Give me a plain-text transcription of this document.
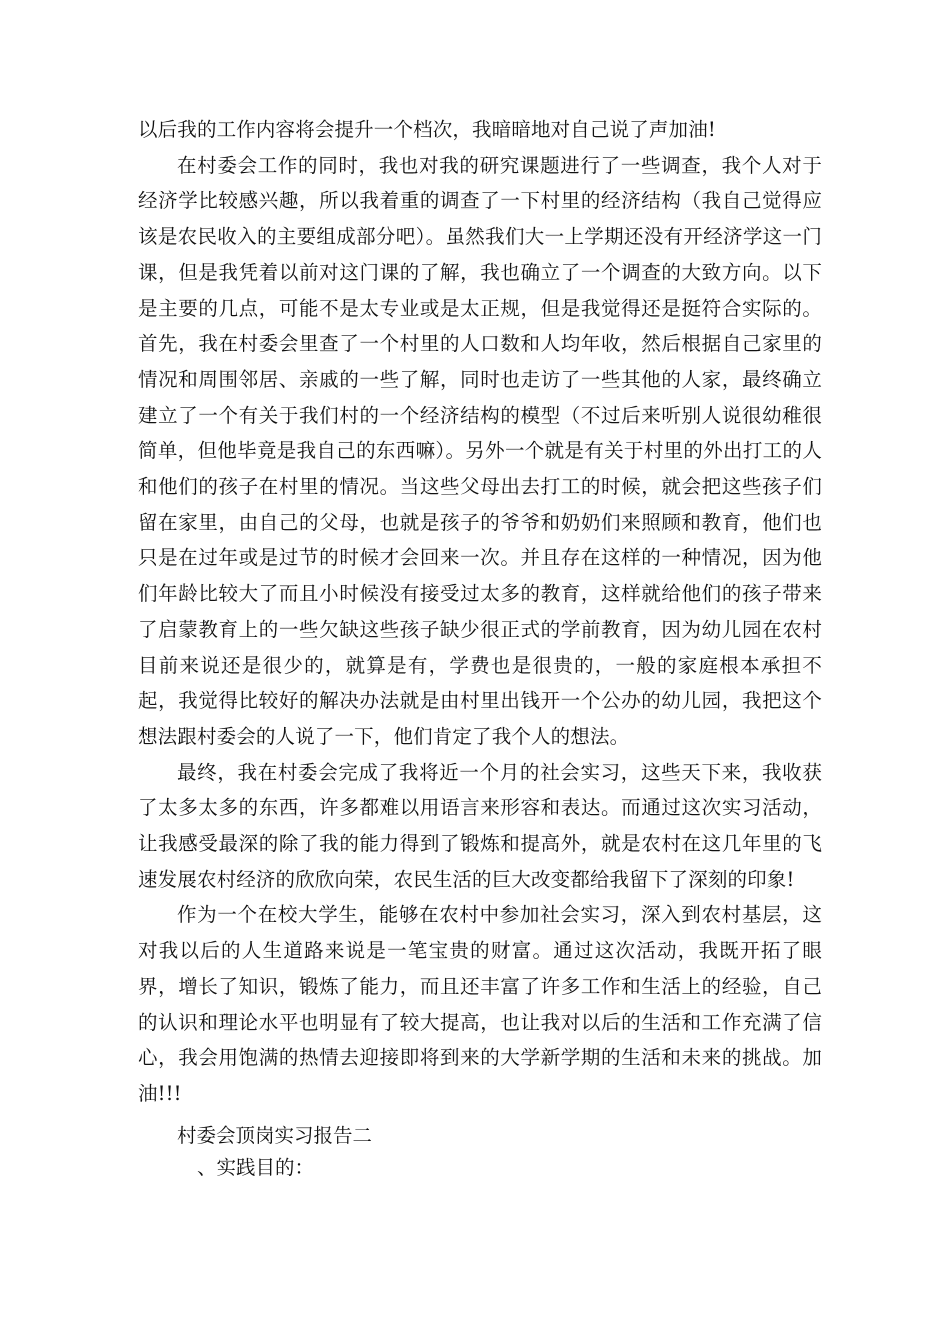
以后我的工作内容将会提升一个档次，我暗暗地对自己说了声加油!

在村委会工作的同时，我也对我的研究课题进行了一些调查，我个人对于经济学比较感兴趣，所以我着重的调查了一下村里的经济结构（我自己觉得应该是农民收入的主要组成部分吧）。虽然我们大一上学期还没有开经济学这一门课，但是我凭着以前对这门课的了解，我也确立了一个调查的大致方向。以下是主要的几点，可能不是太专业或是太正规，但是我觉得还是挺符合实际的。首先，我在村委会里查了一个村里的人口数和人均年收，然后根据自己家里的情况和周围邻居、亲戚的一些了解，同时也走访了一些其他的人家，最终确立建立了一个有关于我们村的一个经济结构的模型（不过后来听别人说很幼稚很简单，但他毕竟是我自己的东西嘛）。另外一个就是有关于村里的外出打工的人和他们的孩子在村里的情况。当这些父母出去打工的时候，就会把这些孩子们留在家里，由自己的父母，也就是孩子的爷爷和奶奶们来照顾和教育，他们也只是在过年或是过节的时候才会回来一次。并且存在这样的一种情况，因为他们年龄比较大了而且小时候没有接受过太多的教育，这样就给他们的孩子带来了启蒙教育上的一些欠缺这些孩子缺少很正式的学前教育，因为幼儿园在农村目前来说还是很少的，就算是有，学费也是很贵的，一般的家庭根本承担不起，我觉得比较好的解决办法就是由村里出钱开一个公办的幼儿园，我把这个想法跟村委会的人说了一下，他们肯定了我个人的想法。

最终，我在村委会完成了我将近一个月的社会实习，这些天下来，我收获了太多太多的东西，许多都难以用语言来形容和表达。而通过这次实习活动，让我感受最深的除了我的能力得到了锻炼和提高外，就是农村在这几年里的飞速发展农村经济的欣欣向荣，农民生活的巨大改变都给我留下了深刻的印象!

作为一个在校大学生，能够在农村中参加社会实习，深入到农村基层，这对我以后的人生道路来说是一笔宝贵的财富。通过这次活动，我既开拓了眼界，增长了知识，锻炼了能力，而且还丰富了许多工作和生活上的经验，自己的认识和理论水平也明显有了较大提高，也让我对以后的生活和工作充满了信心，我会用饱满的热情去迎接即将到来的大学新学期的生活和未来的挑战。加油!!!

村委会顶岗实习报告二
、实践目的：
